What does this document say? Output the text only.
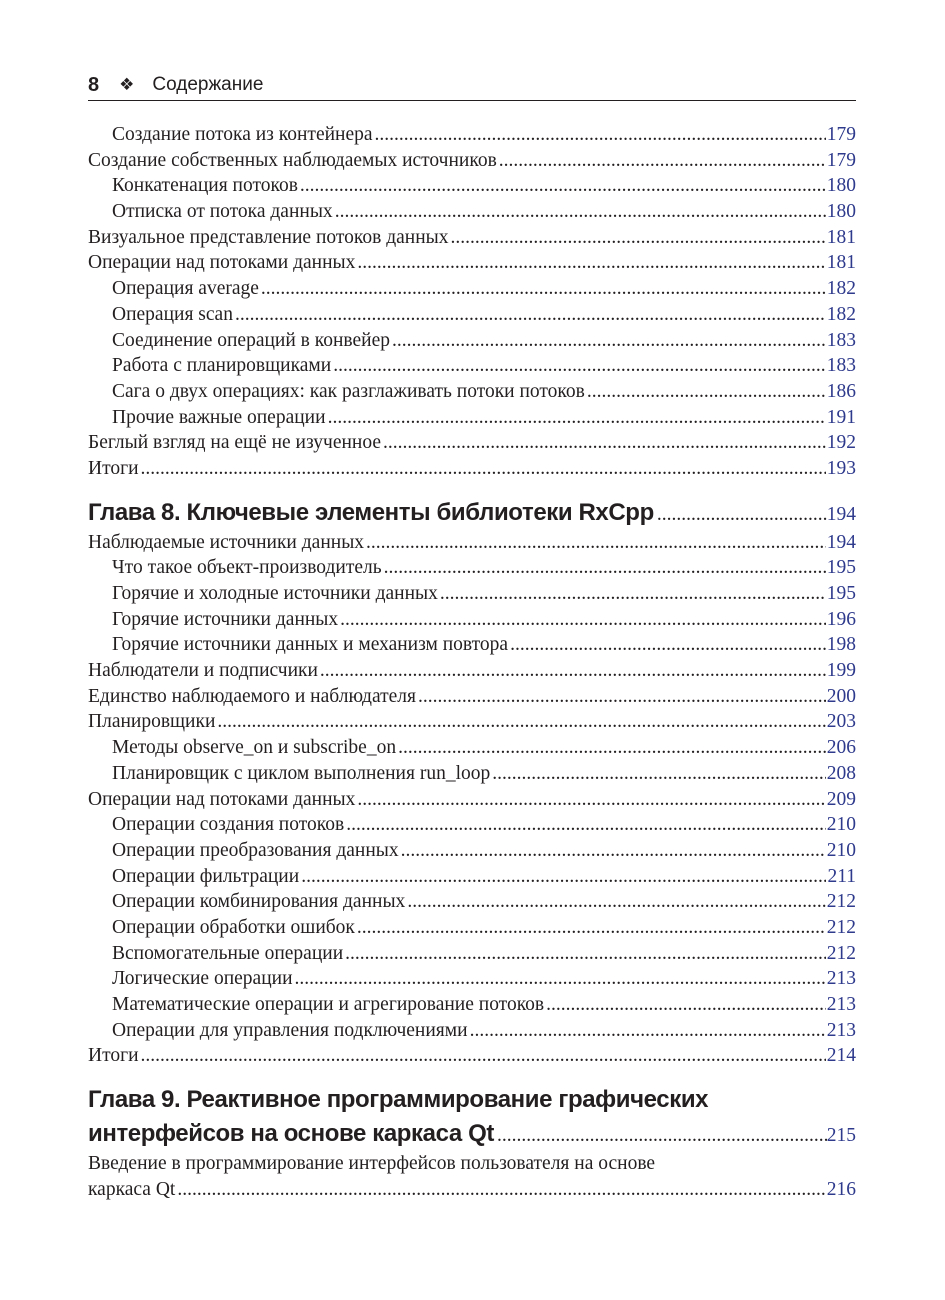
8 ❖ Содержание
Создание потока из контейнера .....	179
Создание собственных наблюдаемых источников .....	179
Конкатенация потоков .....	180
Отписка от потока данных .....	180
Визуальное представление потоков данных .....	181
Операции над потоками данных .....	181
Операция average .....	182
Операция scan .....	182
Соединение операций в конвейер .....	183
Работа с планировщиками .....	183
Сага о двух операциях: как разглаживать потоки потоков .....	186
Прочие важные операции .....	191
Беглый взгляд на ещё не изученное .....	192
Итоги .....	193
Глава 8. Ключевые элементы библиотеки RxCpp .....	194
Наблюдаемые источники данных .....	194
Что такое объект-производитель .....	195
Горячие и холодные источники данных .....	195
Горячие источники данных .....	196
Горячие источники данных и механизм повтора .....	198
Наблюдатели и подписчики .....	199
Единство наблюдаемого и наблюдателя .....	200
Планировщики .....	203
Методы observe_on и subscribe_on .....	206
Планировщик с циклом выполнения run_loop .....	208
Операции над потоками данных .....	209
Операции создания потоков .....	210
Операции преобразования данных .....	210
Операции фильтрации .....	211
Операции комбинирования данных .....	212
Операции обработки ошибок .....	212
Вспомогательные операции .....	212
Логические операции .....	213
Математические операции и агрегирование потоков .....	213
Операции для управления подключениями .....	213
Итоги .....	214
Глава 9. Реактивное программирование графических
интерфейсов на основе каркаса Qt .....	215
Введение в программирование интерфейсов пользователя на основе
каркаса Qt .....	216
